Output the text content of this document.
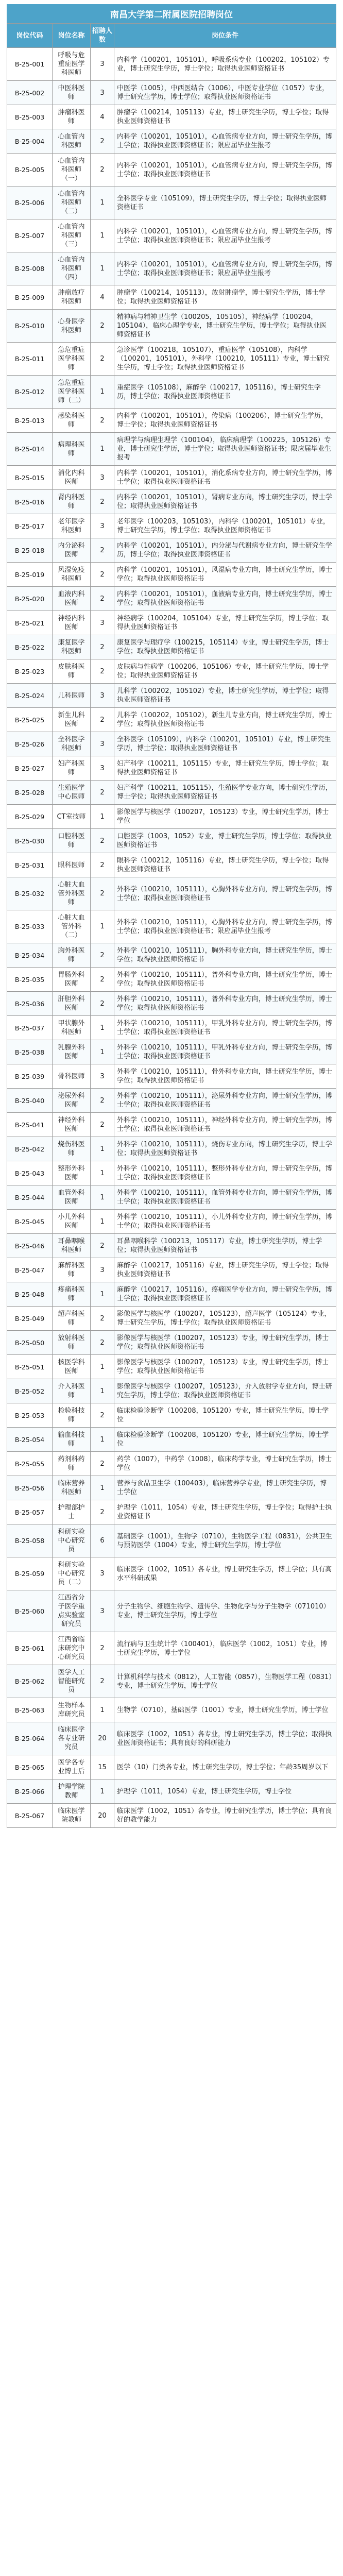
南昌大学第二附属医院招聘岗位
岗位代码	岗位名称	招聘人数	岗位条件
B-25-001	呼吸与危重症医学科医师	3	内科学（100201，105101），呼吸系病专业（100202，105102）专业，博士研究生学历，博士学位；取得执业医师资格证书
B-25-002	中医科医师	3	中医学（1005），中西医结合（1006），中医专业学位（1057）专业，博士研究生学历，博士学位；取得执业医师资格证书
B-25-003	肿瘤科医师	4	肿瘤学（100214，105113）专业，博士研究生学历，博士学位；取得执业医师资格证书
B-25-004	心血管内科医师	2	内科学（100201，105101），心血管病专业方向，博士研究生学历，博士学位；取得执业医师资格证书；限应届毕业生报考
B-25-005	心血管内科医师（一）	2	内科学（100201，105101），心血管病专业方向，博士研究生学历，博士学位；取得执业医师资格证书
B-25-006	心血管内科医师（二）	1	全科医学专业（105109），博士研究生学历，博士学位；取得执业医师资格证书
B-25-007	心血管内科医师（三）	1	内科学（100201，105101），心血管病专业方向，博士研究生学历，博士学位；取得执业医师资格证书；限应届毕业生报考
B-25-008	心血管内科医师（四）	1	内科学（100201，105101），心血管病专业方向，博士研究生学历，博士学位；取得执业医师资格证书；限应届毕业生报考
B-25-009	肿瘤放疗科医师	4	肿瘤学（100214，105113），放射肿瘤学，博士研究生学历，博士学位；取得执业医师资格证书
B-25-010	心身医学科医师	2	精神病与精神卫生学（100205，105105），神经病学（100204，105104），临床心理学专业，博士研究生学历，博士学位；取得执业医师资格证书
B-25-011	急危重症医学科医师	2	急诊医学（100218，105107），重症医学（105108），内科学（100201，105101），外科学（100210，105111）专业，博士研究生学历，博士学位；取得执业医师资格证书
B-25-012	急危重症医学科医师（二）	1	重症医学（105108），麻醉学（100217，105116），博士研究生学历，博士学位；取得执业医师资格证书
B-25-013	感染科医师	2	内科学（100201，105101），传染病（100206），博士研究生学历，博士学位；取得执业医师资格证书
B-25-014	病理科医师	1	病理学与病理生理学（100104），临床病理学（100225，105126）专业，博士研究生学历，博士学位；取得执业医师资格证书；限应届毕业生报考
B-25-015	消化内科医师	3	内科学（100201，105101），消化系病专业方向，博士研究生学历，博士学位；取得执业医师资格证书
B-25-016	肾内科医师	2	内科学（100201，105101），肾病专业方向，博士研究生学历，博士学位；取得执业医师资格证书
B-25-017	老年医学科医师	3	老年医学（100203，105103），内科学（100201，105101）专业，博士研究生学历，博士学位；取得执业医师资格证书
B-25-018	内分泌科医师	2	内科学（100201，105101），内分泌与代谢病专业方向，博士研究生学历，博士学位；取得执业医师资格证书
B-25-019	风湿免疫科医师	2	内科学（100201，105101），风湿病专业方向，博士研究生学历，博士学位；取得执业医师资格证书
B-25-020	血液内科医师	2	内科学（100201，105101），血液病专业方向，博士研究生学历，博士学位；取得执业医师资格证书
B-25-021	神经内科医师	3	神经病学（100204，105104）专业，博士研究生学历，博士学位；取得执业医师资格证书
B-25-022	康复医学科医师	2	康复医学与理疗学（100215，105114）专业，博士研究生学历，博士学位；取得执业医师资格证书
B-25-023	皮肤科医师	2	皮肤病与性病学（100206，105106）专业，博士研究生学历，博士学位；取得执业医师资格证书
B-25-024	儿科医师	3	儿科学（100202，105102）专业，博士研究生学历，博士学位；取得执业医师资格证书
B-25-025	新生儿科医师	2	儿科学（100202，105102），新生儿专业方向，博士研究生学历，博士学位；取得执业医师资格证书
B-25-026	全科医学科医师	3	全科医学（105109），内科学（100201，105101）专业，博士研究生学历，博士学位；取得执业医师资格证书
B-25-027	妇产科医师	3	妇产科学（100211，105115）专业，博士研究生学历，博士学位；取得执业医师资格证书
B-25-028	生殖医学中心医师	2	妇产科学（100211，105115），生殖医学专业方向，博士研究生学历，博士学位；取得执业医师资格证书
B-25-029	CT室技师	1	影像医学与核医学（100207，105123）专业，博士研究生学历，博士学位
B-25-030	口腔科医师	2	口腔医学（1003，1052）专业，博士研究生学历，博士学位；取得执业医师资格证书
B-25-031	眼科医师	2	眼科学（100212，105116）专业，博士研究生学历，博士学位；取得执业医师资格证书
B-25-032	心脏大血管外科医师	2	外科学（100210，105111），心胸外科专业方向，博士研究生学历，博士学位；取得执业医师资格证书
B-25-033	心脏大血管外科（二）	1	外科学（100210，105111），心胸外科专业方向，博士研究生学历，博士学位；取得执业医师资格证书；限应届毕业生报考
B-25-034	胸外科医师	2	外科学（100210，105111），胸外科专业方向，博士研究生学历，博士学位；取得执业医师资格证书
B-25-035	胃肠外科医师	2	外科学（100210，105111），普外科专业方向，博士研究生学历，博士学位；取得执业医师资格证书
B-25-036	肝胆外科医师	2	外科学（100210，105111），普外科专业方向，博士研究生学历，博士学位；取得执业医师资格证书
B-25-037	甲状腺外科医师	1	外科学（100210，105111），甲乳外科专业方向，博士研究生学历，博士学位；取得执业医师资格证书
B-25-038	乳腺外科医师	1	外科学（100210，105111），甲乳外科专业方向，博士研究生学历，博士学位；取得执业医师资格证书
B-25-039	骨科医师	3	外科学（100210，105111），骨外科专业方向，博士研究生学历，博士学位；取得执业医师资格证书
B-25-040	泌尿外科医师	2	外科学（100210，105111），泌尿外科专业方向，博士研究生学历，博士学位；取得执业医师资格证书
B-25-041	神经外科医师	2	外科学（100210，105111），神经外科专业方向，博士研究生学历，博士学位；取得执业医师资格证书
B-25-042	烧伤科医师	1	外科学（100210，105111），烧伤专业方向，博士研究生学历，博士学位；取得执业医师资格证书
B-25-043	整形外科医师	1	外科学（100210，105111），整形外科专业方向，博士研究生学历，博士学位；取得执业医师资格证书
B-25-044	血管外科医师	1	外科学（100210，105111），血管外科专业方向，博士研究生学历，博士学位；取得执业医师资格证书
B-25-045	小儿外科医师	1	外科学（100210，105111），小儿外科专业方向，博士研究生学历，博士学位；取得执业医师资格证书
B-25-046	耳鼻咽喉科医师	2	耳鼻咽喉科学（100213，105117）专业，博士研究生学历，博士学位；取得执业医师资格证书
B-25-047	麻醉科医师	3	麻醉学（100217，105116）专业，博士研究生学历，博士学位；取得执业医师资格证书
B-25-048	疼痛科医师	1	麻醉学（100217，105116），疼痛医学专业方向，博士研究生学历，博士学位；取得执业医师资格证书
B-25-049	超声科医师	2	影像医学与核医学（100207，105123），超声医学（105124）专业，博士研究生学历，博士学位；取得执业医师资格证书
B-25-050	放射科医师	2	影像医学与核医学（100207，105123）专业，博士研究生学历，博士学位；取得执业医师资格证书
B-25-051	核医学科医师	1	影像医学与核医学（100207，105123）专业，博士研究生学历，博士学位；取得执业医师资格证书
B-25-052	介入科医师	1	影像医学与核医学（100207，105123），介入放射学专业方向，博士研究生学历，博士学位；取得执业医师资格证书
B-25-053	检验科技师	2	临床检验诊断学（100208，105120）专业，博士研究生学历，博士学位
B-25-054	输血科技师	1	临床检验诊断学（100208，105120）专业，博士研究生学历，博士学位
B-25-055	药剂科药师	2	药学（1007），中药学（1008），临床药学专业，博士研究生学历，博士学位
B-25-056	临床营养科医师	1	营养与食品卫生学（100403），临床营养学专业，博士研究生学历，博士学位
B-25-057	护理部护士	2	护理学（1011，1054）专业，博士研究生学历，博士学位；取得护士执业资格证书
B-25-058	科研实验中心研究员	6	基础医学（1001），生物学（0710），生物医学工程（0831），公共卫生与预防医学（1004）专业，博士研究生学历，博士学位
B-25-059	科研实验中心研究员（二）	3	临床医学（1002，1051）各专业，博士研究生学历，博士学位；具有高水平科研成果
B-25-060	江西省分子医学重点实验室研究员	3	分子生物学、细胞生物学、遗传学、生物化学与分子生物学（071010）专业，博士研究生学历，博士学位
B-25-061	江西省临床研究中心研究员	2	流行病与卫生统计学（100401），临床医学（1002，1051）专业，博士研究生学历，博士学位
B-25-062	医学人工智能研究员	2	计算机科学与技术（0812），人工智能（0857），生物医学工程（0831）专业，博士研究生学历，博士学位
B-25-063	生物样本库研究员	1	生物学（0710），基础医学（1001）专业，博士研究生学历，博士学位
B-25-064	临床医学各专业研究员	20	临床医学（1002，1051）各专业，博士研究生学历，博士学位；取得执业医师资格证书；具有良好的科研能力
B-25-065	医学各专业博士后	15	医学（10）门类各专业，博士研究生学历，博士学位；年龄35周岁以下
B-25-066	护理学院教师	1	护理学（1011，1054）专业，博士研究生学历，博士学位
B-25-067	临床医学院教师	20	临床医学（1002，1051）各专业，博士研究生学历，博士学位；具有良好的教学能力
